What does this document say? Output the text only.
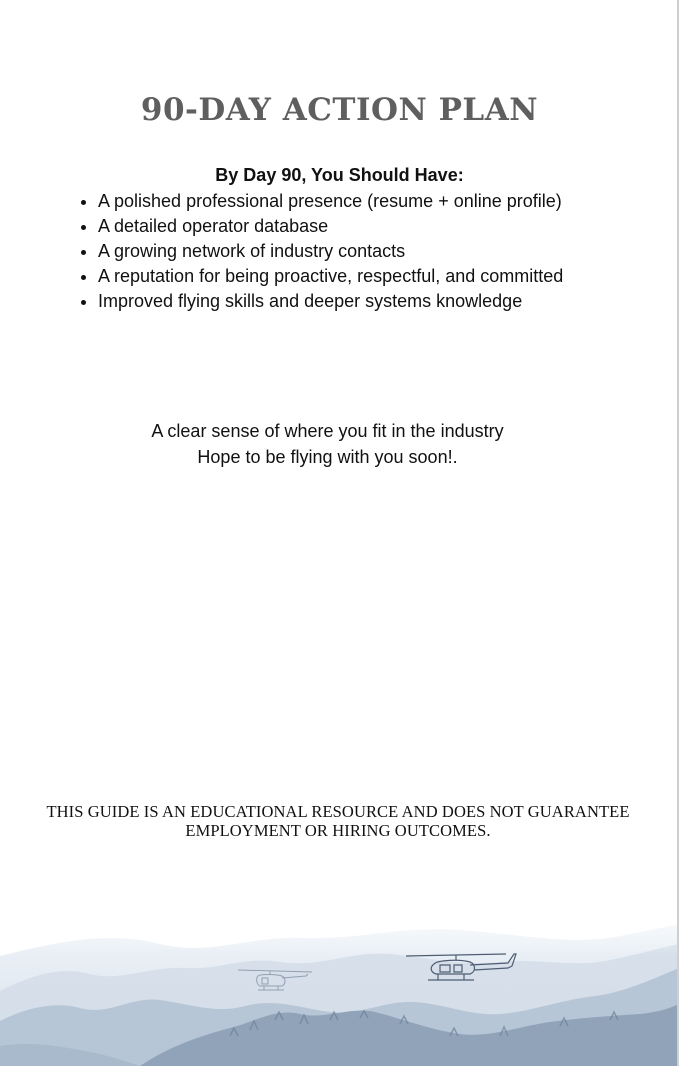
90-DAY ACTION PLAN
By Day 90, You Should Have:
• A polished professional presence (resume + online profile)
• A detailed operator database
• A growing network of industry contacts
• A reputation for being proactive, respectful, and committed
• Improved flying skills and deeper systems knowledge
A clear sense of where you fit in the industry
Hope to be flying with you soon!.
THIS GUIDE IS AN EDUCATIONAL RESOURCE AND DOES NOT GUARANTEE
EMPLOYMENT OR HIRING OUTCOMES.
